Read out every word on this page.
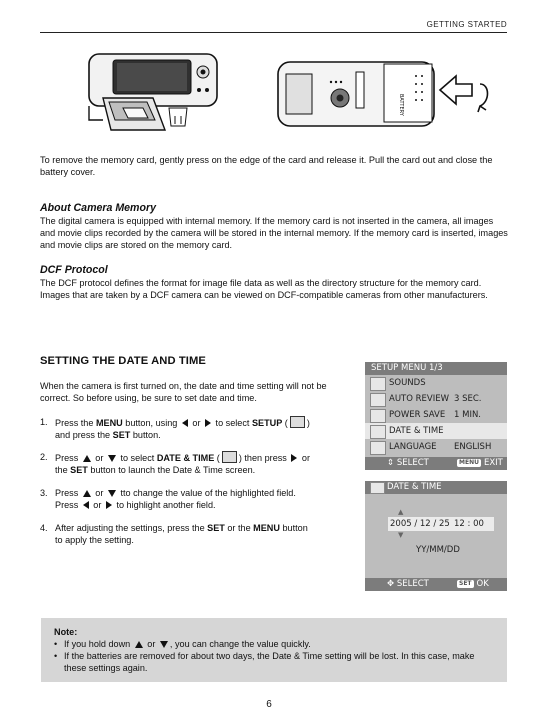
GETTING STARTED
BATTERY
To remove the memory card, gently press on the edge of the card and release it. Pull the card out and close the battery cover.
About Camera Memory
The digital camera is equipped with internal memory. If the memory card is not inserted in the camera, all images and movie clips recorded by the camera will be stored in the internal memory. If the memory card is inserted, images and movie clips are stored on the memory card.
DCF Protocol
The DCF protocol defines the format for image file data as well as the directory structure for the memory card. Images that are taken by a DCF camera can be viewed on DCF-compatible cameras from other manufacturers.
SETTING THE DATE AND TIME
When the camera is first turned on, the date and time setting will not be correct. So before using, be sure to set date and time.
1. Press the MENU button, using  or  to select SETUP ( )
and press the SET button.
2. Press  or  to select DATE & TIME ( ) then press  or
the SET button to launch the Date & Time screen.
3. Press  or  tto change the value of the highlighted field.
Press  or  to highlight another field.
4. After adjusting the settings, press the SET or the MENU button
to apply the setting.
SETUP MENU 1/3
SOUNDS
AUTO REVIEW 3 SEC.
POWER SAVE 1 MIN.
DATE & TIME
LANGUAGE ENGLISH
⇕ SELECT	MENU EXIT
DATE & TIME
▲
2005 / 12 / 25 12 : 00
▼
YY/MM/DD
✥ SELECT	SET OK
Note:
• If you hold down  or , you can change the value quickly.
• If the batteries are removed for about two days, the Date & Time setting will be lost. In this case, make these settings again.
6
